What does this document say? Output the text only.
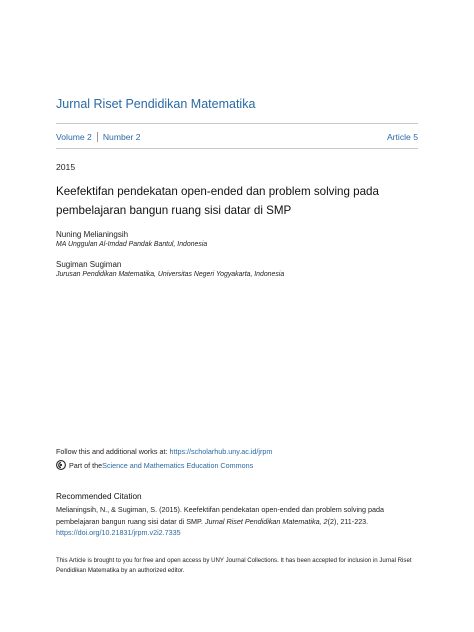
Jurnal Riset Pendidikan Matematika
Volume 2 Number 2	Article 5
2015
Keefektifan pendekatan open-ended dan problem solving pada
pembelajaran bangun ruang sisi datar di SMP
Nuning Melianingsih
MA Unggulan Al-Imdad Pandak Bantul, Indonesia
Sugiman Sugiman
Jurusan Pendidikan Matematika, Universitas Negeri Yogyakarta, Indonesia
Follow this and additional works at: https://scholarhub.uny.ac.id/jrpm
Part of the Science and Mathematics Education Commons
Recommended Citation
Melianingsih, N., & Sugiman, S. (2015). Keefektifan pendekatan open-ended dan problem solving pada pembelajaran bangun ruang sisi datar di SMP. Jurnal Riset Pendidikan Matematika, 2(2), 211-223.
https://doi.org/10.21831/jrpm.v2i2.7335
This Article is brought to you for free and open access by UNY Journal Collections. It has been accepted for inclusion in Jurnal Riset Pendidikan Matematika by an authorized editor.
